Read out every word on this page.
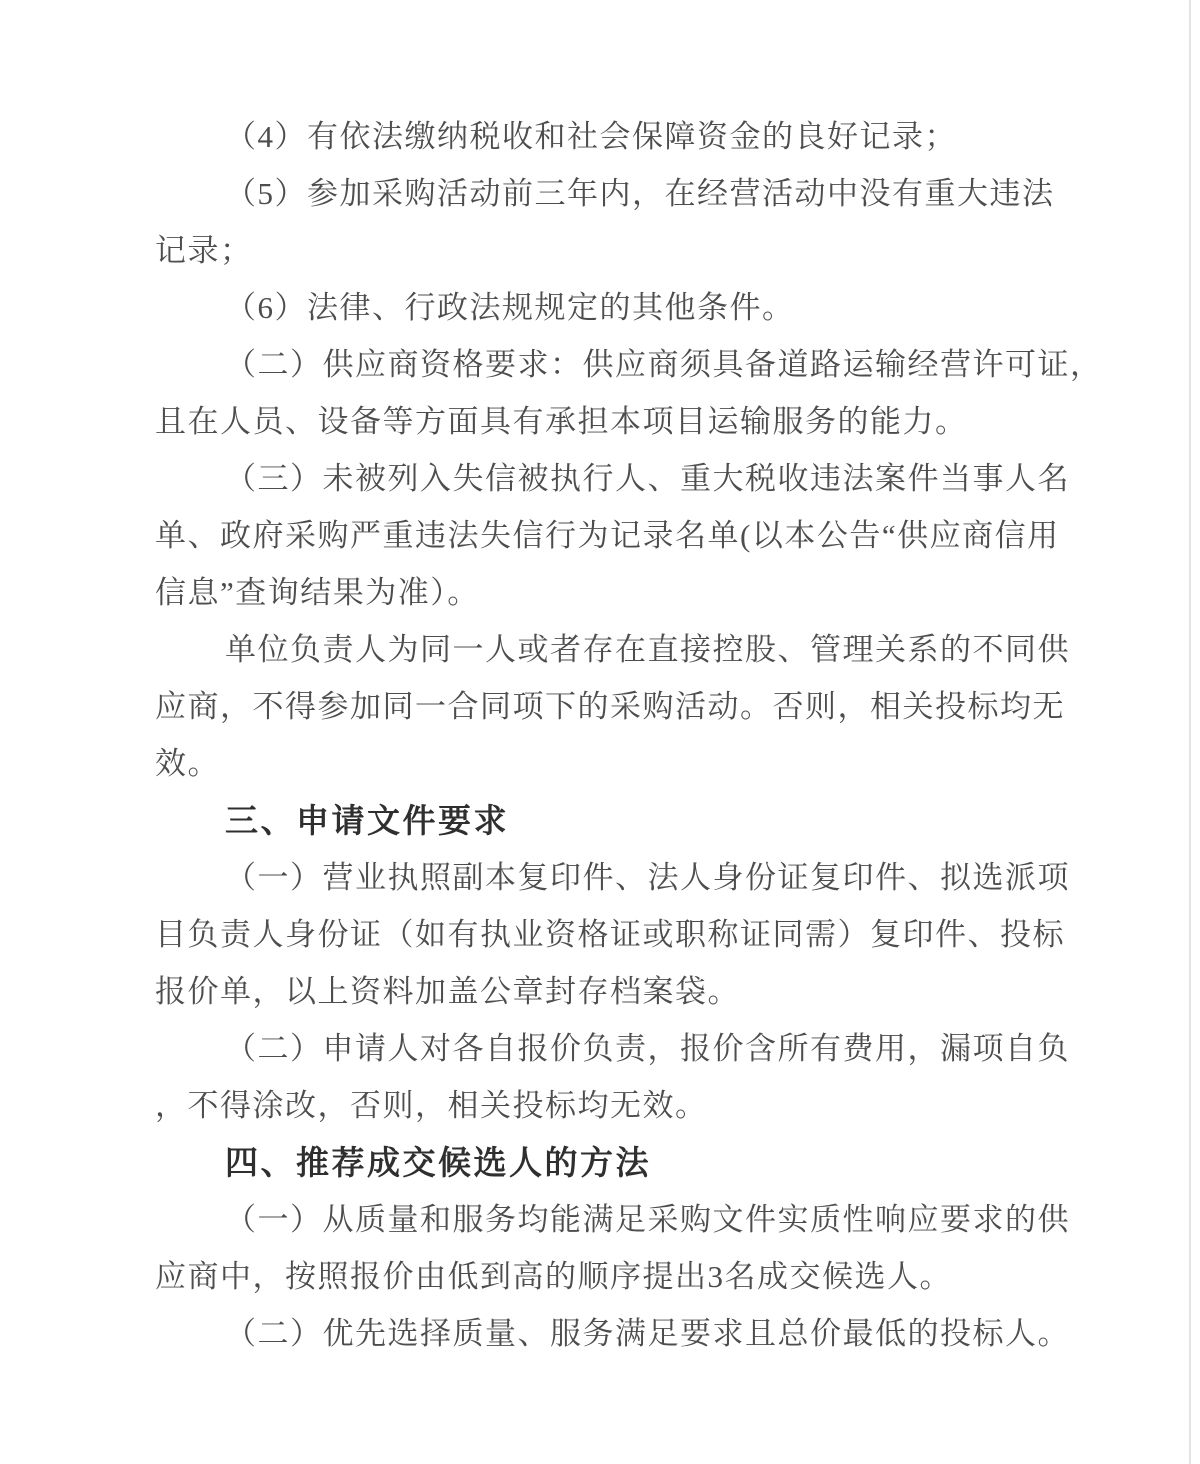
（4）有依法缴纳税收和社会保障资金的良好记录；
（5）参加采购活动前三年内，在经营活动中没有重大违法
记录；
（6）法律、行政法规规定的其他条件。
（二）供应商资格要求：供应商须具备道路运输经营许可证，
且在人员、设备等方面具有承担本项目运输服务的能力。
（三）未被列入失信被执行人、重大税收违法案件当事人名
单、政府采购严重违法失信行为记录名单(以本公告“供应商信用
信息”查询结果为准）。
单位负责人为同一人或者存在直接控股、管理关系的不同供
应商，不得参加同一合同项下的采购活动。否则，相关投标均无
效。
三、申请文件要求
（一）营业执照副本复印件、法人身份证复印件、拟选派项
目负责人身份证（如有执业资格证或职称证同需）复印件、投标
报价单，以上资料加盖公章封存档案袋。
（二）申请人对各自报价负责，报价含所有费用，漏项自负
，不得涂改，否则，相关投标均无效。
四、推荐成交候选人的方法
（一）从质量和服务均能满足采购文件实质性响应要求的供
应商中，按照报价由低到高的顺序提出3名成交候选人。
（二）优先选择质量、服务满足要求且总价最低的投标人。
